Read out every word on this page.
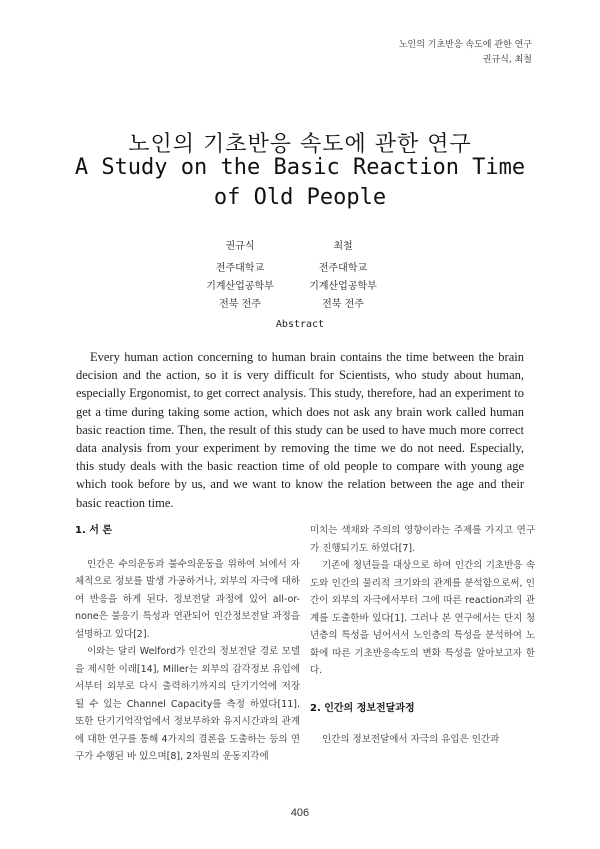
노인의 기초반응 속도에 관한 연구
권규식, 최철
노인의 기초반응 속도에 관한 연구
A Study on the Basic Reaction Time of Old People
권규식
전주대학교
기계산업공학부
전북 전주
최철
전주대학교
기계산업공학부
전북 전주
Abstract

Every human action concerning to human brain contains the time between the brain decision and the action, so it is very difficult for Scientists, who study about human, especially Ergonomist, to get correct analysis. This study, therefore, had an experiment to get a time during taking some action, which does not ask any brain work called human basic reaction time. Then, the result of this study can be used to have much more correct data analysis from your experiment by removing the time we do not need. Especially, this study deals with the basic reaction time of old people to compare with young age which took before by us, and we want to know the relation between the age and their basic reaction time.

1. 서 론

인간은 수의운동과 불수의운동을 위하여 뇌에서 자체적으로 정보를 발생 가공하거나, 외부의 자극에 대하여 반응을 하게 된다. 정보전달 과정에 있어 all-or-none은 불응기 특성과 연관되어 인간정보전달 과정을 설명하고 있다[2].

이와는 달리 Welford가 인간의 정보전달 경로 모델을 제시한 이래[14], Miller는 외부의 감각정보 유입에서부터 외부로 다시 출력하기까지의 단기기억에 저장될 수 있는 Channel Capacity를 측정 하였다[11]. 또한 단기기억작업에서 정보부하와 유지시간과의 관계에 대한 연구를 통해 4가지의 결론을 도출하는 등의 연구가 수행된 바 있으며[8], 2차원의 운동지각에

미치는 색채와 주의의 영향이라는 주제를 가지고 연구가 진행되기도 하였다[7].

기존에 청년들을 대상으로 하여 인간의 기초반응 속도와 인간의 물리적 크기와의 관계를 분석함으로써, 인간이 외부의 자극에서부터 그에 따른 reaction과의 관계를 도출한바 있다[1]. 그러나 본 연구에서는 단지 청년층의 특성을 넘어서서 노인층의 특성을 분석하여 노화에 따른 기초반응속도의 변화 특성을 알아보고자 한다.

2. 인간의 정보전달과정

인간의 정보전달에서 자극의 유입은 인간과

406
